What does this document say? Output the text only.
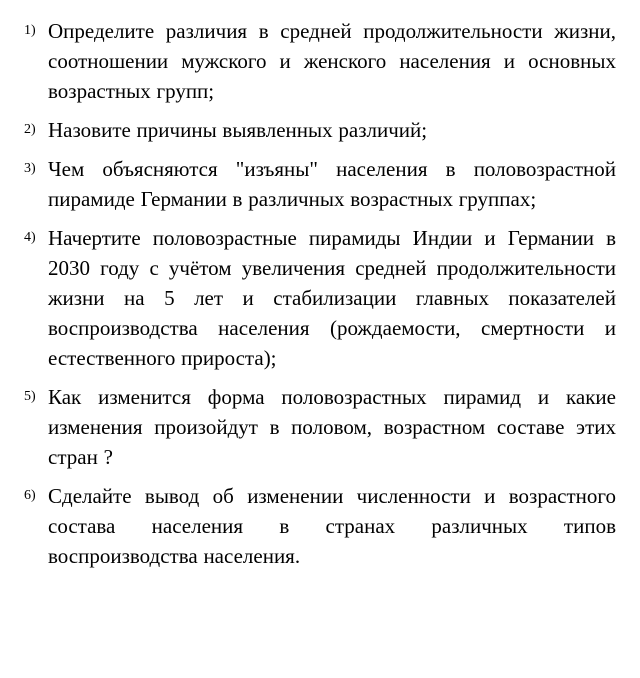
1) Определите различия в средней продолжительности жизни, соотношении мужского и женского населения и основных возрастных групп;
2) Назовите причины выявленных различий;
3) Чем объясняются "изъяны" населения в половозрастной пирамиде Германии в различных возрастных группах;
4) Начертите половозрастные пирамиды Индии и Германии в 2030 году с учётом увеличения средней продолжительности жизни на 5 лет и стабилизации главных показателей воспроизводства населения (рождаемости, смертности и естественного прироста);
5) Как изменится форма половозрастных пирамид и какие изменения произойдут в половом, возрастном составе этих стран ?
6) Сделайте вывод об изменении численности и возрастного состава населения в странах различных типов воспроизводства населения.
